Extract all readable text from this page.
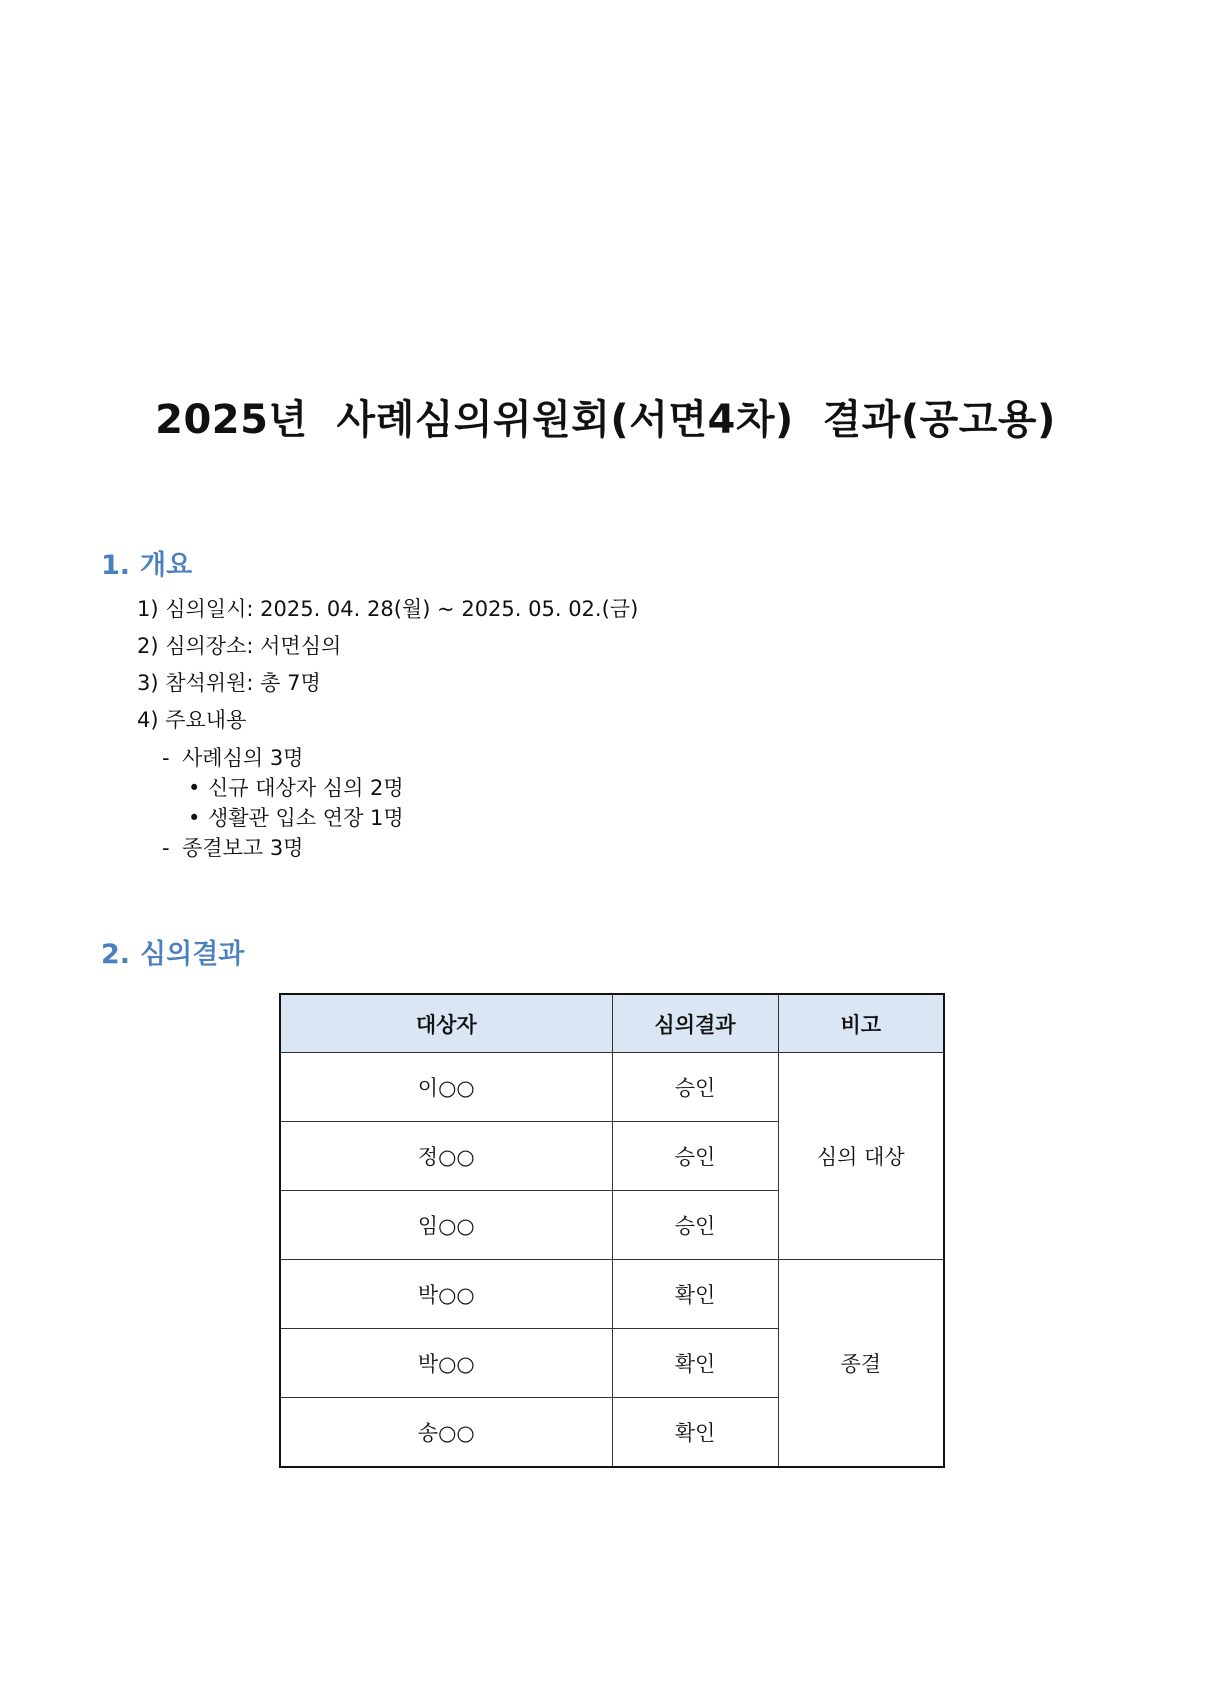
2025년  사례심의위원회(서면4차)  결과(공고용)
1. 개요
1) 심의일시: 2025. 04. 28(월) ~ 2025. 05. 02.(금)
2) 심의장소: 서면심의
3) 참석위원: 총 7명
4) 주요내용
- 사례심의 3명
• 신규 대상자 심의 2명
• 생활관 입소 연장 1명
- 종결보고 3명
2. 심의결과
대상자	심의결과	비고
이○○	승인	심의 대상
정○○	승인	
임○○	승인	
박○○	확인	종결
박○○	확인	
송○○	확인	
